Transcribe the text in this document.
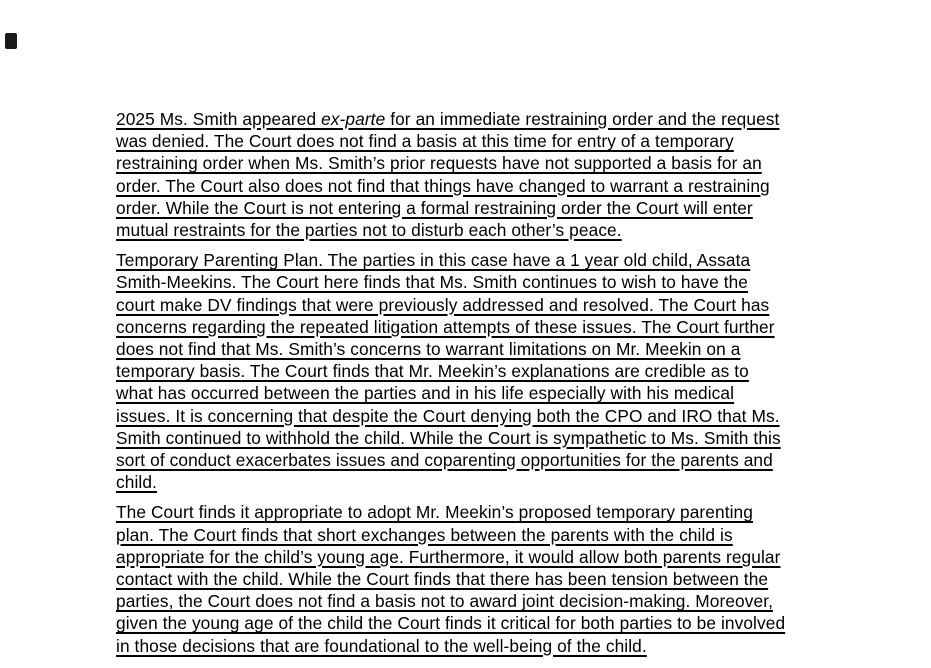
2025 Ms. Smith appeared ex-parte for an immediate restraining order and the request
was denied. The Court does not find a basis at this time for entry of a temporary
restraining order when Ms. Smith’s prior requests have not supported a basis for an
order. The Court also does not find that things have changed to warrant a restraining
order. While the Court is not entering a formal restraining order the Court will enter
mutual restraints for the parties not to disturb each other’s peace.
Temporary Parenting Plan. The parties in this case have a 1 year old child, Assata
Smith-Meekins. The Court here finds that Ms. Smith continues to wish to have the
court make DV findings that were previously addressed and resolved. The Court has
concerns regarding the repeated litigation attempts of these issues. The Court further
does not find that Ms. Smith’s concerns to warrant limitations on Mr. Meekin on a
temporary basis. The Court finds that Mr. Meekin’s explanations are credible as to
what has occurred between the parties and in his life especially with his medical
issues. It is concerning that despite the Court denying both the CPO and IRO that Ms.
Smith continued to withhold the child. While the Court is sympathetic to Ms. Smith this
sort of conduct exacerbates issues and coparenting opportunities for the parents and
child.
The Court finds it appropriate to adopt Mr. Meekin’s proposed temporary parenting
plan. The Court finds that short exchanges between the parents with the child is
appropriate for the child’s young age. Furthermore, it would allow both parents regular
contact with the child. While the Court finds that there has been tension between the
parties, the Court does not find a basis not to award joint decision-making. Moreover,
given the young age of the child the Court finds it critical for both parties to be involved
in those decisions that are foundational to the well-being of the child.
